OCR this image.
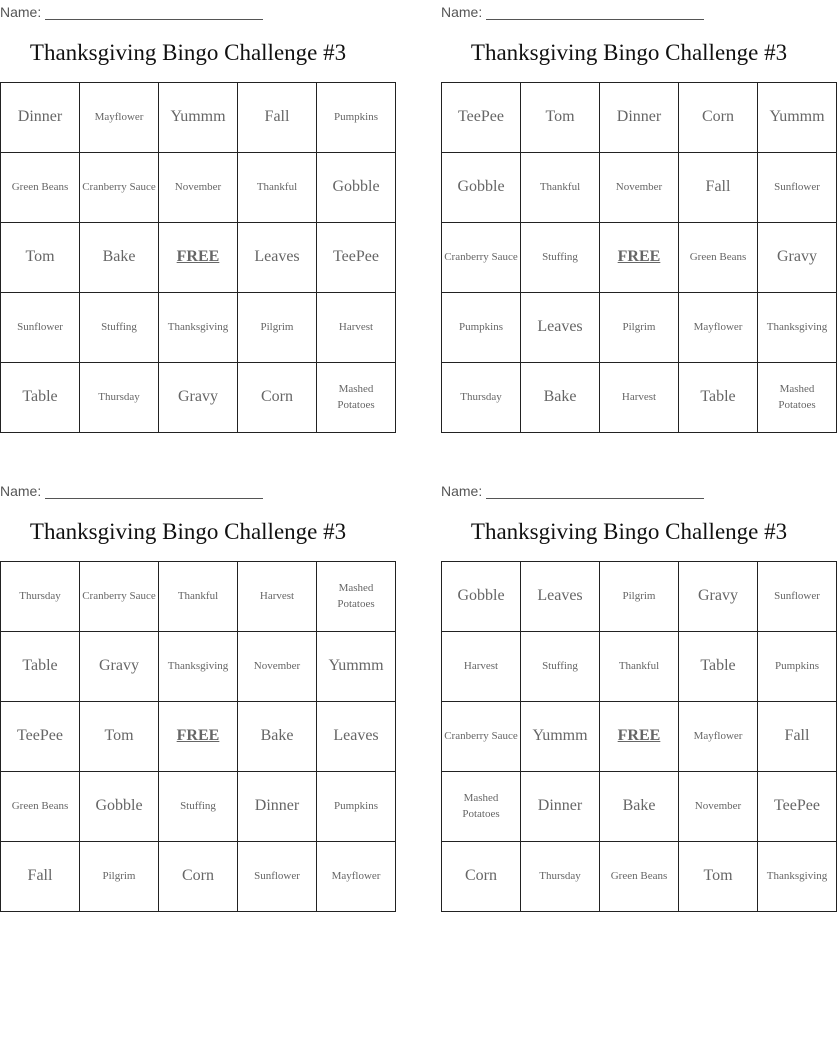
Name:
Thanksgiving Bingo Challenge #3
Dinner	Mayflower	Yummm	Fall	Pumpkins
Green Beans	Cranberry Sauce	November	Thankful	Gobble
Tom	Bake	FREE	Leaves	TeePee
Sunflower	Stuffing	Thanksgiving	Pilgrim	Harvest
Table	Thursday	Gravy	Corn	Mashed Potatoes
Name:
Thanksgiving Bingo Challenge #3
TeePee	Tom	Dinner	Corn	Yummm
Gobble	Thankful	November	Fall	Sunflower
Cranberry Sauce	Stuffing	FREE	Green Beans	Gravy
Pumpkins	Leaves	Pilgrim	Mayflower	Thanksgiving
Thursday	Bake	Harvest	Table	Mashed Potatoes
Name:
Thanksgiving Bingo Challenge #3
Thursday	Cranberry Sauce	Thankful	Harvest	Mashed Potatoes
Table	Gravy	Thanksgiving	November	Yummm
TeePee	Tom	FREE	Bake	Leaves
Green Beans	Gobble	Stuffing	Dinner	Pumpkins
Fall	Pilgrim	Corn	Sunflower	Mayflower
Name:
Thanksgiving Bingo Challenge #3
Gobble	Leaves	Pilgrim	Gravy	Sunflower
Harvest	Stuffing	Thankful	Table	Pumpkins
Cranberry Sauce	Yummm	FREE	Mayflower	Fall
Mashed Potatoes	Dinner	Bake	November	TeePee
Corn	Thursday	Green Beans	Tom	Thanksgiving
